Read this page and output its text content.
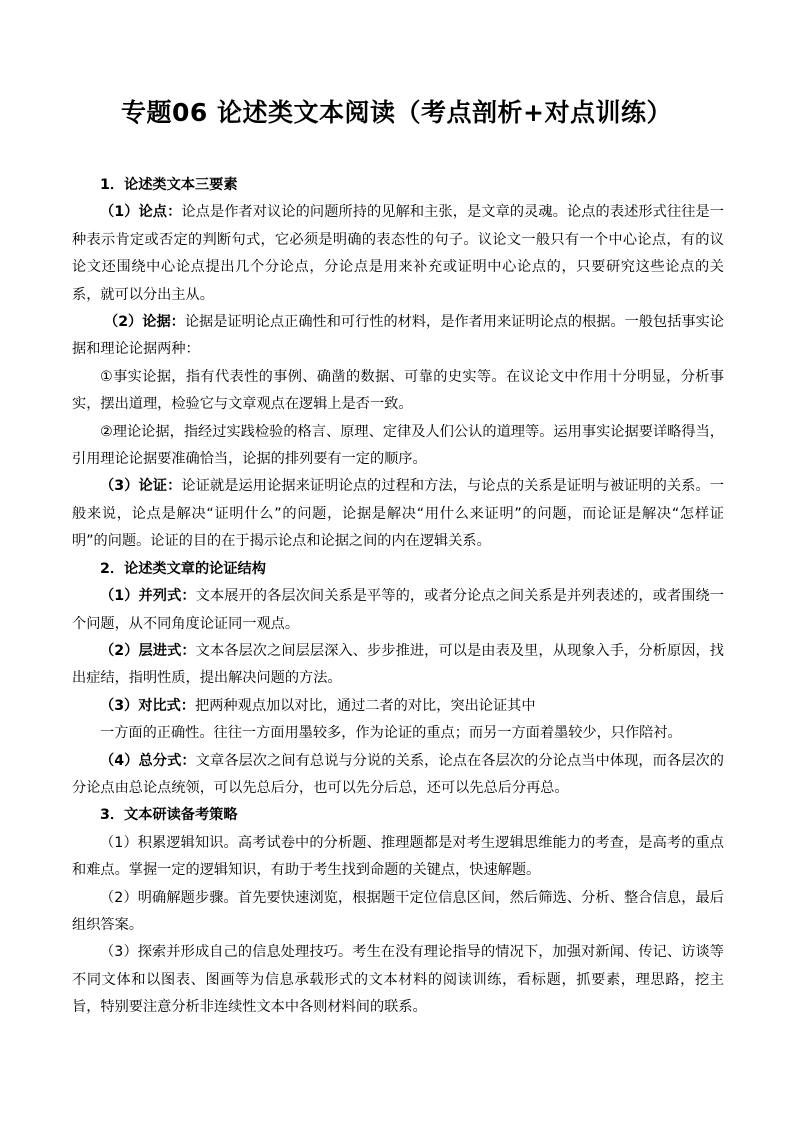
专题06 论述类文本阅读（考点剖析+对点训练）

1．论述类文本三要素

（1）论点：论点是作者对议论的问题所持的见解和主张，是文章的灵魂。论点的表述形式往往是一种表示肯定或否定的判断句式，它必须是明确的表态性的句子。议论文一般只有一个中心论点，有的议论文还围绕中心论点提出几个分论点，分论点是用来补充或证明中心论点的，只要研究这些论点的关系，就可以分出主从。

（2）论据：论据是证明论点正确性和可行性的材料，是作者用来证明论点的根据。一般包括事实论据和理论论据两种：

①事实论据，指有代表性的事例、确凿的数据、可靠的史实等。在议论文中作用十分明显，分析事实，摆出道理，检验它与文章观点在逻辑上是否一致。

②理论论据，指经过实践检验的格言、原理、定律及人们公认的道理等。运用事实论据要详略得当，引用理论论据要准确恰当，论据的排列要有一定的顺序。

（3）论证：论证就是运用论据来证明论点的过程和方法，与论点的关系是证明与被证明的关系。一般来说，论点是解决“证明什么”的问题，论据是解决“用什么来证明”的问题，而论证是解决“怎样证明”的问题。论证的目的在于揭示论点和论据之间的内在逻辑关系。

2．论述类文章的论证结构

（1）并列式：文本展开的各层次间关系是平等的，或者分论点之间关系是并列表述的，或者围绕一个问题，从不同角度论证同一观点。

（2）层进式：文本各层次之间层层深入、步步推进，可以是由表及里，从现象入手，分析原因，找出症结，指明性质，提出解决问题的方法。

（3）对比式：把两种观点加以对比，通过二者的对比，突出论证其中

一方面的正确性。往往一方面用墨较多，作为论证的重点；而另一方面着墨较少，只作陪衬。

（4）总分式：文章各层次之间有总说与分说的关系，论点在各层次的分论点当中体现，而各层次的分论点由总论点统领，可以先总后分，也可以先分后总，还可以先总后分再总。

3．文本研读备考策略

（1）积累逻辑知识。高考试卷中的分析题、推理题都是对考生逻辑思维能力的考查，是高考的重点和难点。掌握一定的逻辑知识，有助于考生找到命题的关键点，快速解题。

（2）明确解题步骤。首先要快速浏览，根据题干定位信息区间，然后筛选、分析、整合信息，最后组织答案。

（3）探索并形成自己的信息处理技巧。考生在没有理论指导的情况下，加强对新闻、传记、访谈等不同文体和以图表、图画等为信息承载形式的文本材料的阅读训练，看标题，抓要素，理思路，挖主旨，特别要注意分析非连续性文本中各则材料间的联系。
